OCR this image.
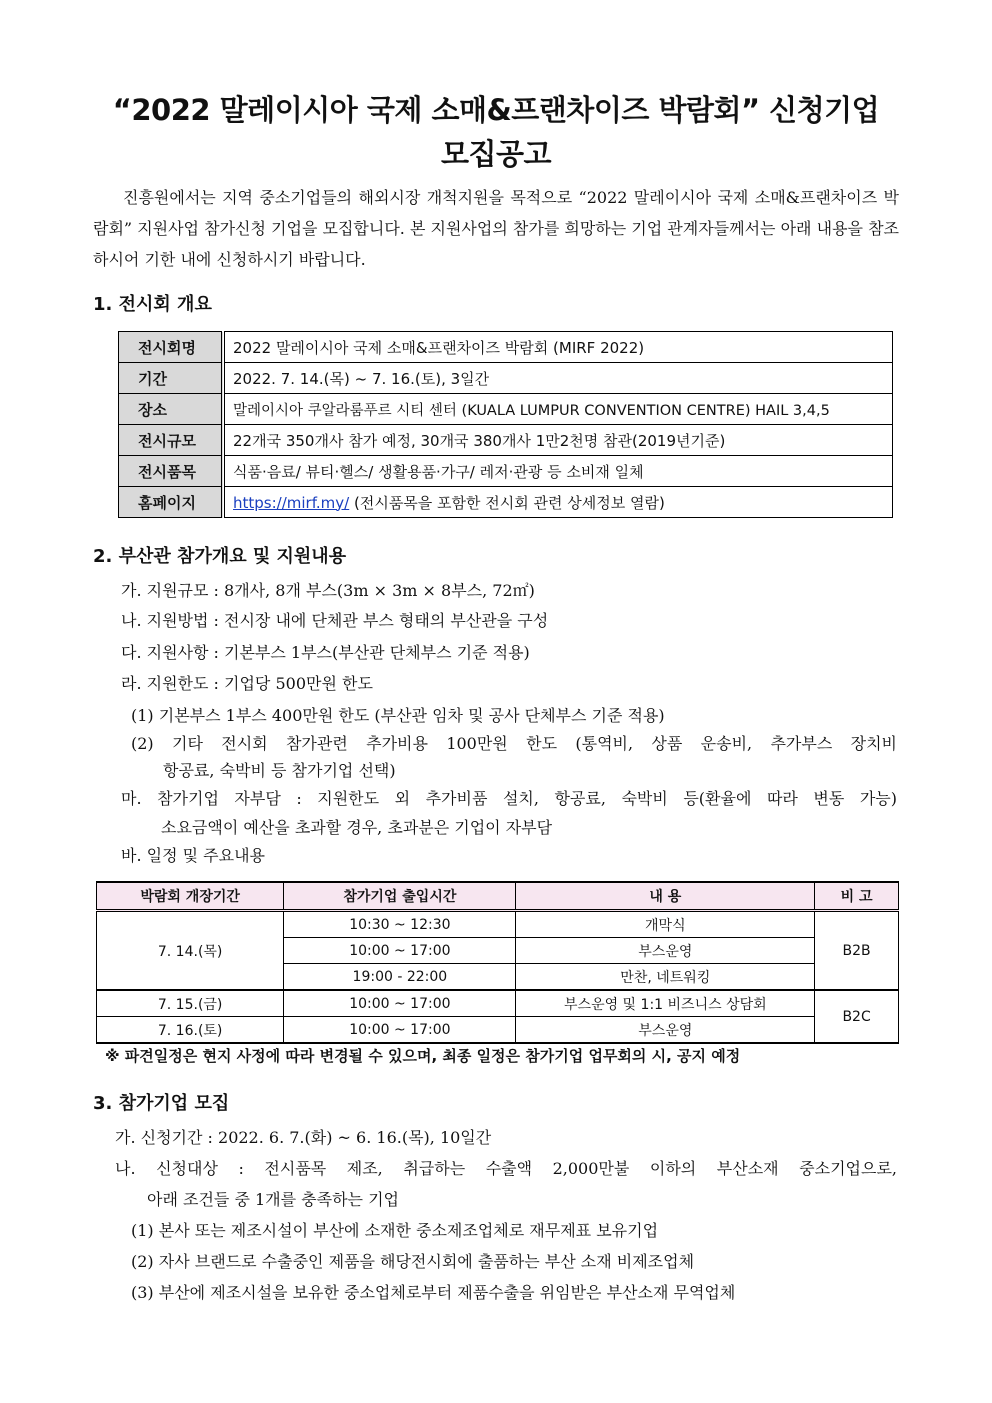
“2022 말레이시아 국제 소매&프랜차이즈 박람회” 신청기업
모집공고
진흥원에서는 지역 중소기업들의 해외시장 개척지원을 목적으로 “2022 말레이시아 국제 소매&프랜차이즈 박람회” 지원사업 참가신청 기업을 모집합니다. 본 지원사업의 참가를 희망하는 기업 관계자들께서는 아래 내용을 참조하시어 기한 내에 신청하시기 바랍니다.
1. 전시회 개요
전시회명	2022 말레이시아 국제 소매&프랜차이즈 박람회 (MIRF 2022)
기간	2022. 7. 14.(목) ~ 7. 16.(토), 3일간
장소	말레이시아 쿠알라룸푸르 시티 센터 (KUALA LUMPUR CONVENTION CENTRE) HAIL 3,4,5
전시규모	22개국 350개사 참가 예정, 30개국 380개사 1만2천명 참관(2019년기준)
전시품목	식품·음료/ 뷰티·헬스/ 생활용품·가구/ 레저·관광 등 소비재 일체
홈페이지	https://mirf.my/ (전시품목을 포함한 전시회 관련 상세정보 열람)
2. 부산관 참가개요 및 지원내용
가. 지원규모 : 8개사, 8개 부스(3m × 3m × 8부스, 72㎡)
나. 지원방법 : 전시장 내에 단체관 부스 형태의 부산관을 구성
다. 지원사항 : 기본부스 1부스(부산관 단체부스 기준 적용)
라. 지원한도 : 기업당 500만원 한도
(1) 기본부스 1부스 400만원 한도 (부산관 임차 및 공사 단체부스 기준 적용)
(2) 기타 전시회 참가관련 추가비용 100만원 한도 (통역비, 상품 운송비, 추가부스 장치비
항공료, 숙박비 등 참가기업 선택)
마. 참가기업 자부담 : 지원한도 외 추가비품 설치, 항공료, 숙박비 등(환율에 따라 변동 가능)
소요금액이 예산을 초과할 경우, 초과분은 기업이 자부담
바. 일정 및 주요내용
박람회 개장기간	참가기업 출입시간	내 용	비 고
7. 14.(목)	10:30 ~ 12:30	개막식	B2B
	10:00 ~ 17:00	부스운영	
	19:00 - 22:00	만찬, 네트워킹	
7. 15.(금)	10:00 ~ 17:00	부스운영 및 1:1 비즈니스 상담회	B2C
7. 16.(토)	10:00 ~ 17:00	부스운영	
※ 파견일정은 현지 사정에 따라 변경될 수 있으며, 최종 일정은 참가기업 업무회의 시, 공지 예정
3. 참가기업 모집
가. 신청기간 : 2022. 6. 7.(화) ~ 6. 16.(목), 10일간
나. 신청대상 : 전시품목 제조, 취급하는 수출액 2,000만불 이하의 부산소재 중소기업으로,
아래 조건들 중 1개를 충족하는 기업
(1) 본사 또는 제조시설이 부산에 소재한 중소제조업체로 재무제표 보유기업
(2) 자사 브랜드로 수출중인 제품을 해당전시회에 출품하는 부산 소재 비제조업체
(3) 부산에 제조시설을 보유한 중소업체로부터 제품수출을 위임받은 부산소재 무역업체
